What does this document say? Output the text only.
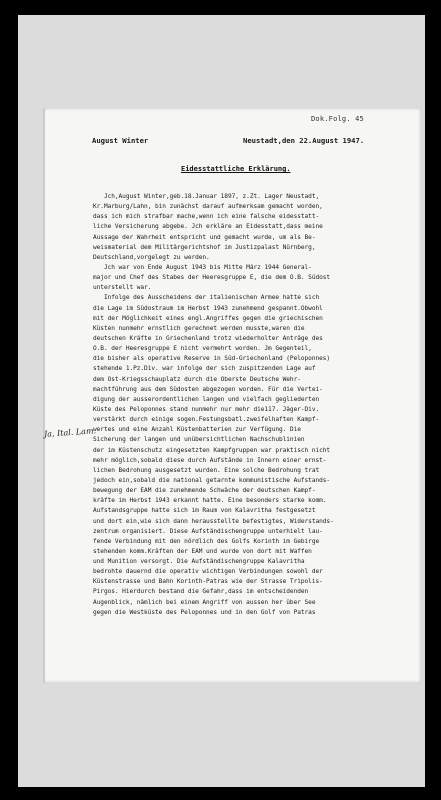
Dok.Folg. 45
August Winter	Neustadt,den 22.August 1947.
Eidesstattliche Erklärung.
Ja, Ital. Lam.
Jch,August Winter,geb.18.Januar 1897, z.Zt. Lager Neustadt,
Kr.Marburg/Lahn, bin zunächst darauf aufmerksam gemacht worden,
dass ich mich strafbar mache,wenn ich eine falsche eidesstatt-
liche Versicherung abgebe. Jch erkläre an Eidesstatt,dass meine
Aussage der Wahrheit entspricht und gemacht wurde, um als Be-
weismaterial dem Militärgerichtshof im Justizpalast Nürnberg,
Deutschland,vorgelegt zu werden.
Jch war von Ende August 1943 bis Mitte März 1944 General-
major und Chef des Stabes der Heeresgruppe E, die dem O.B. Südost
unterstellt war.
Infolge des Ausscheidens der italienischen Armee hatte sich
die Lage im Südostraum im Herbst 1943 zunehmend gespannt.Obwohl
mit der Möglichkeit eines engl.Angriffes gegen die griechischen
Küsten nunmehr ernstlich gerechnet werden musste,waren die
deutschen Kräfte in Griechenland trotz wiederholter Anträge des
O.B. der Heeresgruppe E nicht vermehrt worden. Jm Gegenteil,
die bisher als operative Reserve in Süd-Griechenland (Peloponnes)
stehende 1.Pz.Div. war infolge der sich zuspitzenden Lage auf
dem Ost-Kriegsschauplatz durch die Oberste Deutsche Wehr-
machtführung aus dem Südosten abgezogen worden. Für die Vertei-
digung der ausserordentlichen langen und vielfach gegliederten
Küste des Peloponnes stand nunmehr nur mehr die117. Jäger-Div.
verstärkt durch einige sogen.Festungsbatl.zweifelhaften Kampf-
wertes und eine Anzahl Küstenbatterien zur Verfügung. Die
Sicherung der langen und unübersichtlichen Nachschublinien
der im Küstenschutz eingesetzten Kampfgruppen war praktisch nicht
mehr möglich,sobald diese durch Aufstände in Innern einer ernst-
lichen Bedrohung ausgesetzt wurden. Eine solche Bedrohung trat
jedoch ein,sobald die national getarnte kommunistische Aufstands-
bewegung der EAM die zunehmende Schwäche der deutschen Kampf-
kräfte im Herbst 1943 erkannt hatte. Eine besonders starke komm.
Aufstandsgruppe hatte sich im Raum von Kalavritha festgesetzt
und dort ein,wie sich dann herausstellte befestigtes, Widerstands-
zentrum organisiert. Diese Aufständischengruppe unterhielt lau-
fende Verbindung mit den nördlich des Golfs Korinth im Gebirge
stehenden komm.Kräften der EAM und wurde von dort mit Waffen
und Munition versorgt. Die Aufständischengruppe Kalavritha
bedrohte dauernd die operativ wichtigen Verbindungen sowohl der
Küstenstrasse und Bahn Korinth-Patras wie der Strasse Tripolis-
Pirgos. Hierdurch bestand die Gefahr,dass im entscheidenden
Augenblick, nämlich bei einem Angriff von aussen her über See
gegen die Westküste des Peloponnes und in den Golf von Patras
